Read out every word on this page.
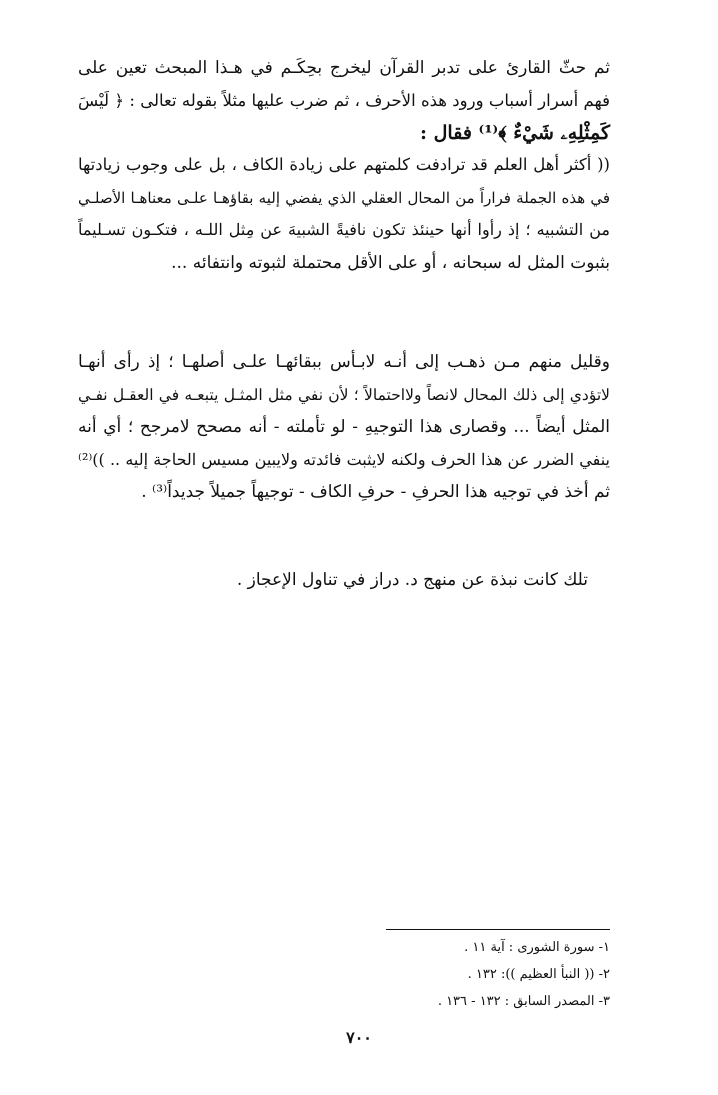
ثم حثّ القارئ على تدبر القرآن ليخرج بحِكَـم في هـذا المبحث تعين على
فهم أسرار أسباب ورود هذه الأحرف ، ثم ضرب عليها مثلاً بقوله تعالى : ﴿ لَيْسَ
كَمِثْلِهِۦ شَيْءٌ ﴾⁽¹⁾ فقال :
(( أكثر أهل العلم قد ترادفت كلمتهم على زيادة الكاف ، بل على وجوب زيادتها
في هذه الجملة فراراً من المحال العقلي الذي يفضي إليه بقاؤهـا علـى معناهـا الأصلـي
من التشبيه ؛ إذ رأوا أنها حينئذ تكون نافيةً الشبيهَ عن مِثل اللـه ، فتكـون تسـليماً
بثبوت المثل له سبحانه ، أو على الأقل محتملة لثبوته وانتفائه ...
وقليل منهم مـن ذهـب إلى أنـه لابـأس ببقائهـا علـى أصلهـا ؛ إذ رأى أنهـا
لاتؤدي إلى ذلك المحال لانصاً ولااحتمالاً ؛ لأن نفي مثل المثـل يتبعـه في العقـل نفـي
المثل أيضاً ... وقصارى هذا التوجيهِ - لو تأملته - أنه مصحح لامرجح ؛ أي أنه
ينفي الضرر عن هذا الحرف ولكنه لايثبت فائدته ولايبين مسيس الحاجة إليه .. ))⁽²⁾
ثم أخذ في توجيه هذا الحرفِ - حرفِ الكاف - توجيهاً جميلاً جديداً⁽³⁾ .
تلك كانت نبذة عن منهج د. دراز في تناول الإعجاز .
١- سورة الشورى : آية ١١ .
٢- (( النبأ العظيم )): ١٣٢ .
٣- المصدر السابق : ١٣٢ - ١٣٦ .
٧٠٠
